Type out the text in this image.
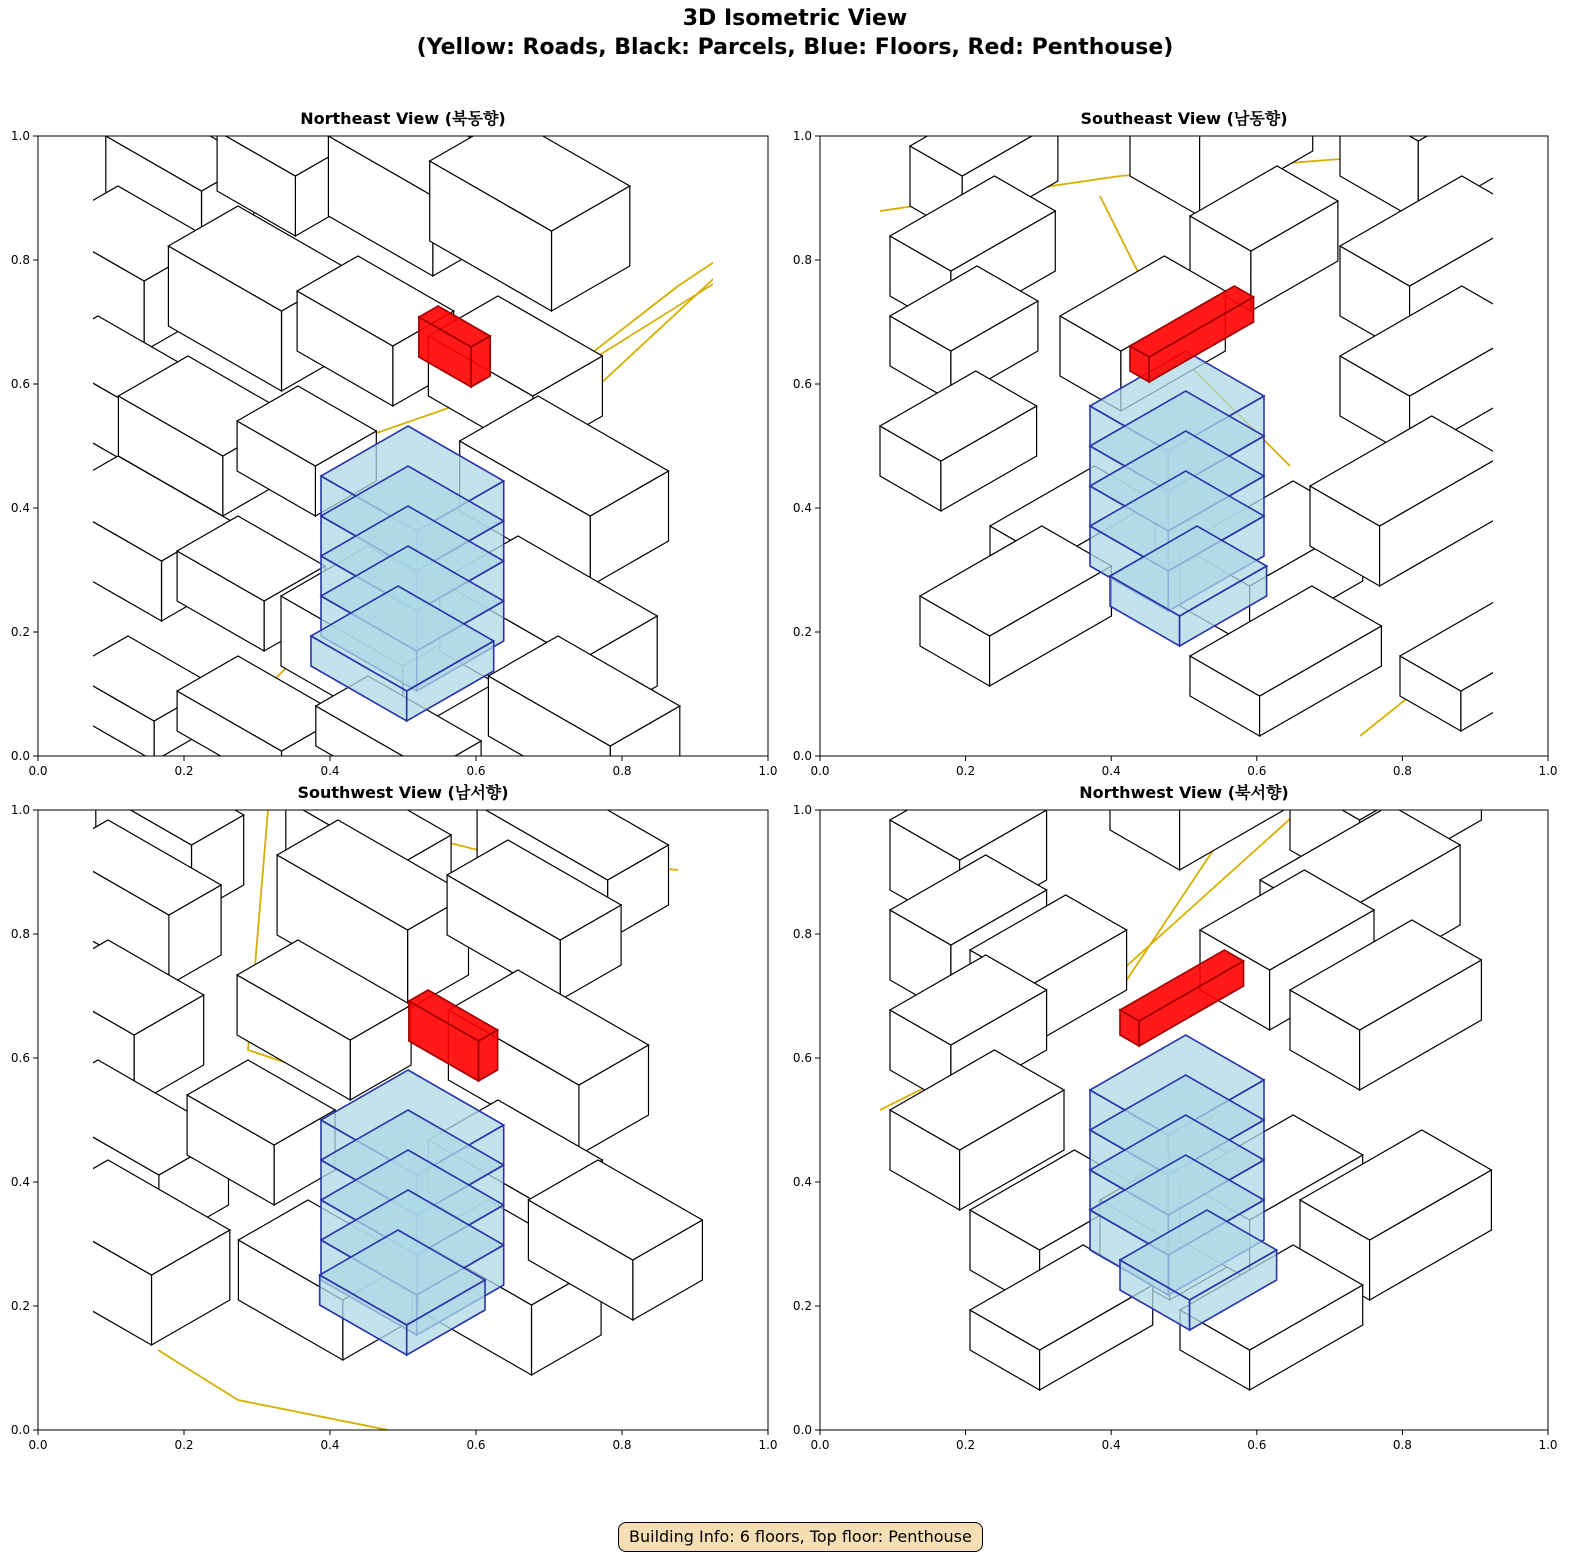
3D Isometric View
(Yellow: Roads, Black: Parcels, Blue: Floors, Red: Penthouse)
Northeast View (북동향)
0.0
0.0
0.2
0.2
0.4
0.4
0.6
0.6
0.8
0.8
1.0
1.0
Southeast View (남동향)
0.0
0.0
0.2
0.2
0.4
0.4
0.6
0.6
0.8
0.8
1.0
1.0
Southwest View (남서향)
0.0
0.0
0.2
0.2
0.4
0.4
0.6
0.6
0.8
0.8
1.0
1.0
Northwest View (북서향)
0.0
0.0
0.2
0.2
0.4
0.4
0.6
0.6
0.8
0.8
1.0
1.0
Building Info: 6 floors, Top floor: Penthouse
